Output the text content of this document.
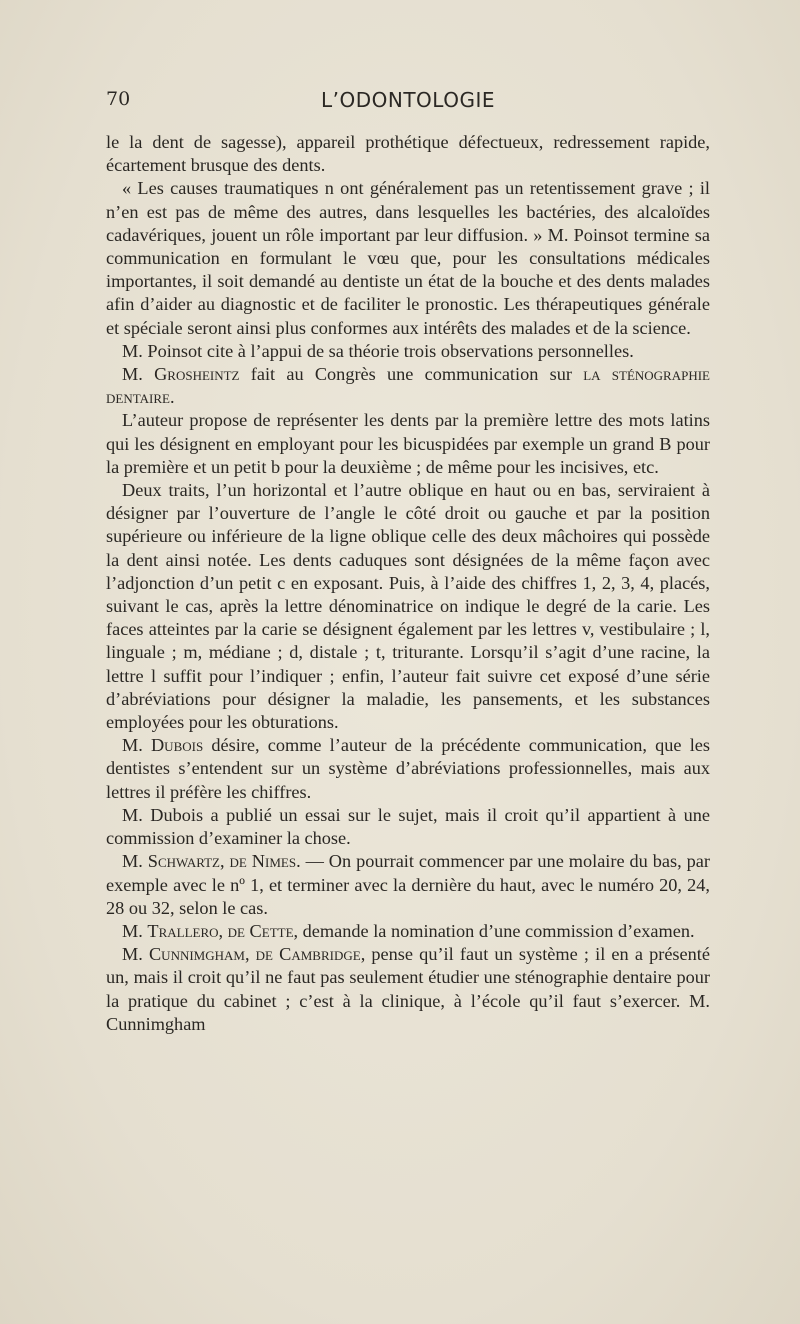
70	L’ODONTOLOGIE

le la dent de sagesse), appareil prothétique défectueux, redressement rapide, écartement brusque des dents.

« Les causes traumatiques n ont généralement pas un retentissement grave ; il n’en est pas de même des autres, dans lesquelles les bactéries, des alcaloïdes cadavériques, jouent un rôle important par leur diffusion. » M. Poinsot termine sa communication en formulant le vœu que, pour les consultations médicales importantes, il soit demandé au dentiste un état de la bouche et des dents malades afin d’aider au diagnostic et de faciliter le pronostic. Les thérapeutiques générale et spéciale seront ainsi plus conformes aux intérêts des malades et de la science.

M. Poinsot cite à l’appui de sa théorie trois observations personnelles.

M. Grosheintz fait au Congrès une communication sur la sténographie dentaire.

L’auteur propose de représenter les dents par la première lettre des mots latins qui les désignent en employant pour les bicuspidées par exemple un grand B pour la première et un petit b pour la deuxième ; de même pour les incisives, etc.

Deux traits, l’un horizontal et l’autre oblique en haut ou en bas, serviraient à désigner par l’ouverture de l’angle le côté droit ou gauche et par la position supérieure ou inférieure de la ligne oblique celle des deux mâchoires qui possède la dent ainsi notée. Les dents caduques sont désignées de la même façon avec l’adjonction d’un petit c en exposant. Puis, à l’aide des chiffres 1, 2, 3, 4, placés, suivant le cas, après la lettre dénominatrice on indique le degré de la carie. Les faces atteintes par la carie se désignent également par les lettres v, vestibulaire ; l, linguale ; m, médiane ; d, distale ; t, triturante. Lorsqu’il s’agit d’une racine, la lettre l suffit pour l’indiquer ; enfin, l’auteur fait suivre cet exposé d’une série d’abréviations pour désigner la maladie, les pansements, et les substances employées pour les obturations.

M. Dubois désire, comme l’auteur de la précédente communication, que les dentistes s’entendent sur un système d’abréviations professionnelles, mais aux lettres il préfère les chiffres.

M. Dubois a publié un essai sur le sujet, mais il croit qu’il appartient à une commission d’examiner la chose.

M. Schwartz, de Nimes. — On pourrait commencer par une molaire du bas, par exemple avec le nº 1, et terminer avec la dernière du haut, avec le numéro 20, 24, 28 ou 32, selon le cas.

M. Trallero, de Cette, demande la nomination d’une commission d’examen.

M. Cunnimgham, de Cambridge, pense qu’il faut un système ; il en a présenté un, mais il croit qu’il ne faut pas seulement étudier une sténographie dentaire pour la pratique du cabinet ; c’est à la clinique, à l’école qu’il faut s’exercer. M. Cunnimgham
